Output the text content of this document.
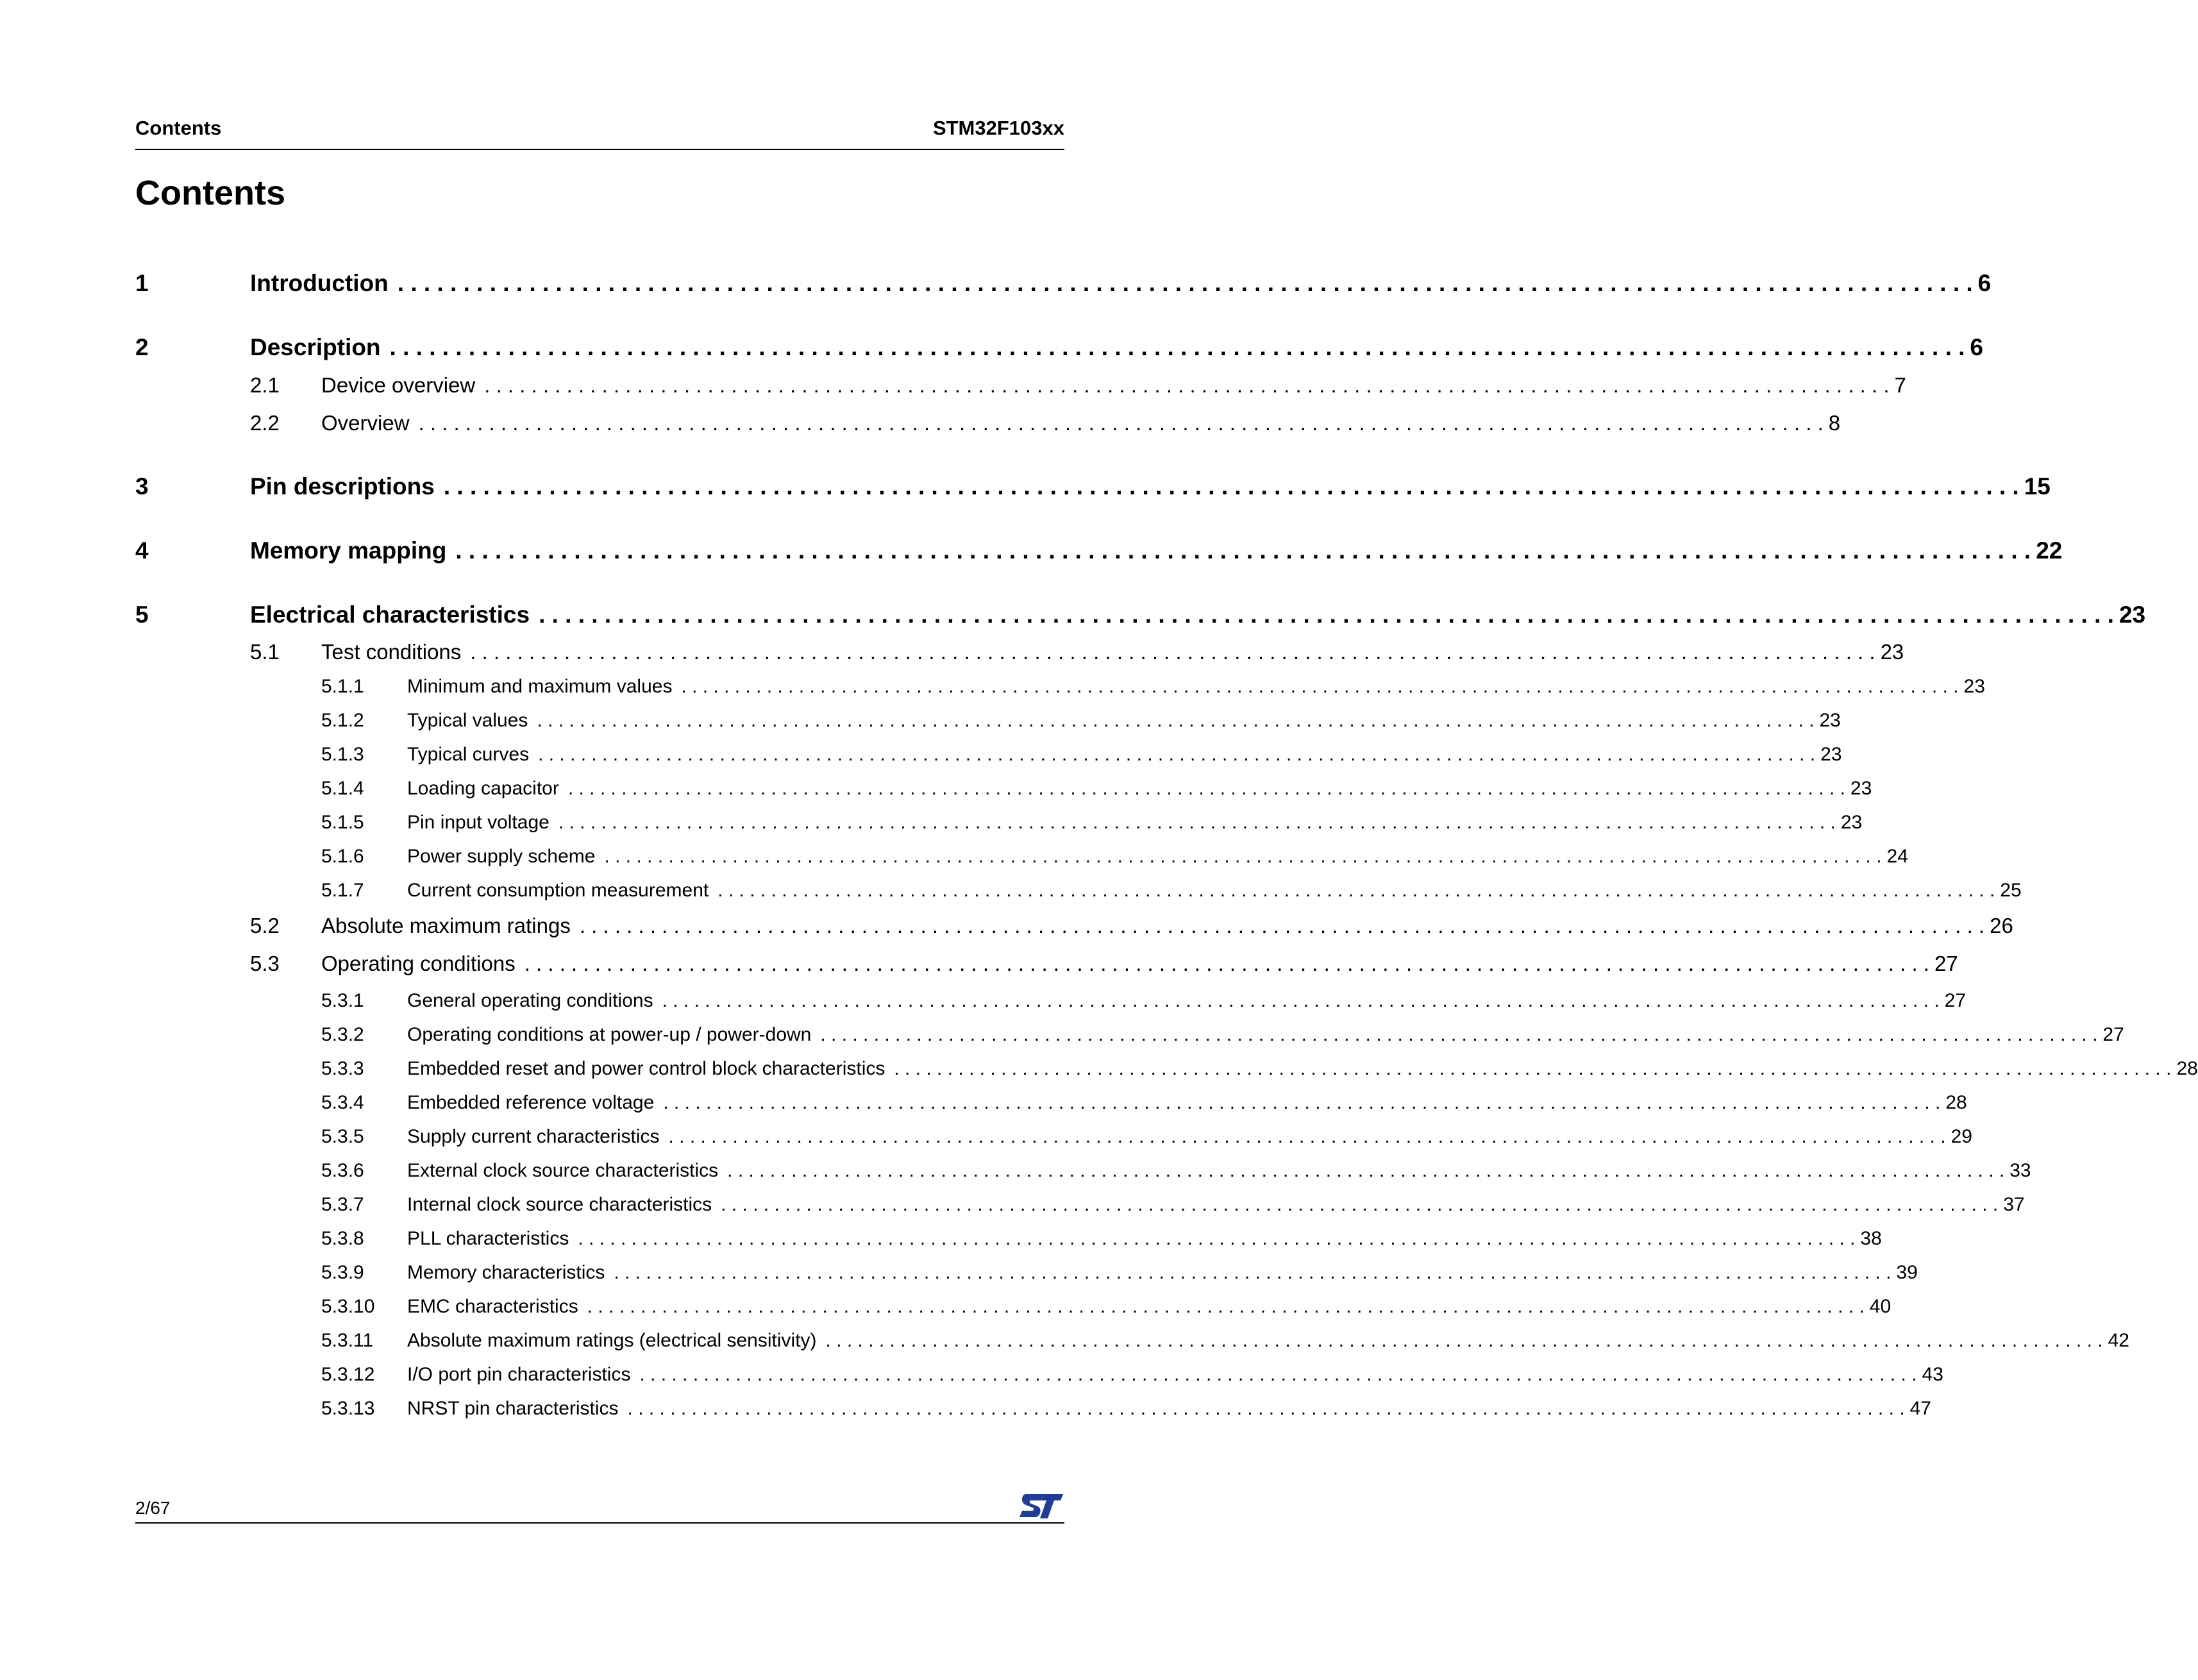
Contents	STM32F103xx
Contents
1	Introduction . . . . . . . . . . . . . . . . . . . . . . . . . . . . . . . . . . . . . . . . . . . . . . . . . . . . . . . . . . . . . . . . . . . . . . . . . . . . . . . . . . . . . . . . . . . . . . . . . . . . . . . . . . . . . . . . . . . . . . . . 6
2	Description . . . . . . . . . . . . . . . . . . . . . . . . . . . . . . . . . . . . . . . . . . . . . . . . . . . . . . . . . . . . . . . . . . . . . . . . . . . . . . . . . . . . . . . . . . . . . . . . . . . . . . . . . . . . . . . . . . . . . . . . 6
2.1 Device overview . . . . . . . . . . . . . . . . . . . . . . . . . . . . . . . . . . . . . . . . . . . . . . . . . . . . . . . . . . . . . . . . . . . . . . . . . . . . . . . . . . . . . . . . . . . . . . . . . . . . . . . . . . . . . . . . . . . . . . . . 7
2.2 Overview . . . . . . . . . . . . . . . . . . . . . . . . . . . . . . . . . . . . . . . . . . . . . . . . . . . . . . . . . . . . . . . . . . . . . . . . . . . . . . . . . . . . . . . . . . . . . . . . . . . . . . . . . . . . . . . . . . . . . . . . 8
3	Pin descriptions . . . . . . . . . . . . . . . . . . . . . . . . . . . . . . . . . . . . . . . . . . . . . . . . . . . . . . . . . . . . . . . . . . . . . . . . . . . . . . . . . . . . . . . . . . . . . . . . . . . . . . . . . . . . . . . . . . . . . . . . 15
4	Memory mapping . . . . . . . . . . . . . . . . . . . . . . . . . . . . . . . . . . . . . . . . . . . . . . . . . . . . . . . . . . . . . . . . . . . . . . . . . . . . . . . . . . . . . . . . . . . . . . . . . . . . . . . . . . . . . . . . . . . . . . . . 22
5	Electrical characteristics . . . . . . . . . . . . . . . . . . . . . . . . . . . . . . . . . . . . . . . . . . . . . . . . . . . . . . . . . . . . . . . . . . . . . . . . . . . . . . . . . . . . . . . . . . . . . . . . . . . . . . . . . . . . . . . . . . . . . . . . 23
5.1 Test conditions . . . . . . . . . . . . . . . . . . . . . . . . . . . . . . . . . . . . . . . . . . . . . . . . . . . . . . . . . . . . . . . . . . . . . . . . . . . . . . . . . . . . . . . . . . . . . . . . . . . . . . . . . . . . . . . . . . . . . . . . 23
5.1.1 Minimum and maximum values . . . . . . . . . . . . . . . . . . . . . . . . . . . . . . . . . . . . . . . . . . . . . . . . . . . . . . . . . . . . . . . . . . . . . . . . . . . . . . . . . . . . . . . . . . . . . . . . . . . . . . . . . . . . . . . . . . . . . . . . 23
5.1.2 Typical values . . . . . . . . . . . . . . . . . . . . . . . . . . . . . . . . . . . . . . . . . . . . . . . . . . . . . . . . . . . . . . . . . . . . . . . . . . . . . . . . . . . . . . . . . . . . . . . . . . . . . . . . . . . . . . . . . . . . . . . . 23
5.1.3 Typical curves . . . . . . . . . . . . . . . . . . . . . . . . . . . . . . . . . . . . . . . . . . . . . . . . . . . . . . . . . . . . . . . . . . . . . . . . . . . . . . . . . . . . . . . . . . . . . . . . . . . . . . . . . . . . . . . . . . . . . . . . 23
5.1.4 Loading capacitor . . . . . . . . . . . . . . . . . . . . . . . . . . . . . . . . . . . . . . . . . . . . . . . . . . . . . . . . . . . . . . . . . . . . . . . . . . . . . . . . . . . . . . . . . . . . . . . . . . . . . . . . . . . . . . . . . . . . . . . . 23
5.1.5 Pin input voltage . . . . . . . . . . . . . . . . . . . . . . . . . . . . . . . . . . . . . . . . . . . . . . . . . . . . . . . . . . . . . . . . . . . . . . . . . . . . . . . . . . . . . . . . . . . . . . . . . . . . . . . . . . . . . . . . . . . . . . . . 23
5.1.6 Power supply scheme . . . . . . . . . . . . . . . . . . . . . . . . . . . . . . . . . . . . . . . . . . . . . . . . . . . . . . . . . . . . . . . . . . . . . . . . . . . . . . . . . . . . . . . . . . . . . . . . . . . . . . . . . . . . . . . . . . . . . . . . 24
5.1.7 Current consumption measurement . . . . . . . . . . . . . . . . . . . . . . . . . . . . . . . . . . . . . . . . . . . . . . . . . . . . . . . . . . . . . . . . . . . . . . . . . . . . . . . . . . . . . . . . . . . . . . . . . . . . . . . . . . . . . . . . . . . . . . . . 25
5.2 Absolute maximum ratings . . . . . . . . . . . . . . . . . . . . . . . . . . . . . . . . . . . . . . . . . . . . . . . . . . . . . . . . . . . . . . . . . . . . . . . . . . . . . . . . . . . . . . . . . . . . . . . . . . . . . . . . . . . . . . . . . . . . . . . . 26
5.3 Operating conditions . . . . . . . . . . . . . . . . . . . . . . . . . . . . . . . . . . . . . . . . . . . . . . . . . . . . . . . . . . . . . . . . . . . . . . . . . . . . . . . . . . . . . . . . . . . . . . . . . . . . . . . . . . . . . . . . . . . . . . . . 27
5.3.1 General operating conditions . . . . . . . . . . . . . . . . . . . . . . . . . . . . . . . . . . . . . . . . . . . . . . . . . . . . . . . . . . . . . . . . . . . . . . . . . . . . . . . . . . . . . . . . . . . . . . . . . . . . . . . . . . . . . . . . . . . . . . . . 27
5.3.2 Operating conditions at power-up / power-down . . . . . . . . . . . . . . . . . . . . . . . . . . . . . . . . . . . . . . . . . . . . . . . . . . . . . . . . . . . . . . . . . . . . . . . . . . . . . . . . . . . . . . . . . . . . . . . . . . . . . . . . . . . . . . . . . . . . . . . . 27
5.3.3 Embedded reset and power control block characteristics . . . . . . . . . . . . . . . . . . . . . . . . . . . . . . . . . . . . . . . . . . . . . . . . . . . . . . . . . . . . . . . . . . . . . . . . . . . . . . . . . . . . . . . . . . . . . . . . . . . . . . . . . . . . . . . . . . . . . . . . 28
5.3.4 Embedded reference voltage . . . . . . . . . . . . . . . . . . . . . . . . . . . . . . . . . . . . . . . . . . . . . . . . . . . . . . . . . . . . . . . . . . . . . . . . . . . . . . . . . . . . . . . . . . . . . . . . . . . . . . . . . . . . . . . . . . . . . . . . 28
5.3.5 Supply current characteristics . . . . . . . . . . . . . . . . . . . . . . . . . . . . . . . . . . . . . . . . . . . . . . . . . . . . . . . . . . . . . . . . . . . . . . . . . . . . . . . . . . . . . . . . . . . . . . . . . . . . . . . . . . . . . . . . . . . . . . . . 29
5.3.6 External clock source characteristics . . . . . . . . . . . . . . . . . . . . . . . . . . . . . . . . . . . . . . . . . . . . . . . . . . . . . . . . . . . . . . . . . . . . . . . . . . . . . . . . . . . . . . . . . . . . . . . . . . . . . . . . . . . . . . . . . . . . . . . . 33
5.3.7 Internal clock source characteristics . . . . . . . . . . . . . . . . . . . . . . . . . . . . . . . . . . . . . . . . . . . . . . . . . . . . . . . . . . . . . . . . . . . . . . . . . . . . . . . . . . . . . . . . . . . . . . . . . . . . . . . . . . . . . . . . . . . . . . . . 37
5.3.8 PLL characteristics . . . . . . . . . . . . . . . . . . . . . . . . . . . . . . . . . . . . . . . . . . . . . . . . . . . . . . . . . . . . . . . . . . . . . . . . . . . . . . . . . . . . . . . . . . . . . . . . . . . . . . . . . . . . . . . . . . . . . . . . 38
5.3.9 Memory characteristics . . . . . . . . . . . . . . . . . . . . . . . . . . . . . . . . . . . . . . . . . . . . . . . . . . . . . . . . . . . . . . . . . . . . . . . . . . . . . . . . . . . . . . . . . . . . . . . . . . . . . . . . . . . . . . . . . . . . . . . . 39
5.3.10 EMC characteristics . . . . . . . . . . . . . . . . . . . . . . . . . . . . . . . . . . . . . . . . . . . . . . . . . . . . . . . . . . . . . . . . . . . . . . . . . . . . . . . . . . . . . . . . . . . . . . . . . . . . . . . . . . . . . . . . . . . . . . . . 40
5.3.11 Absolute maximum ratings (electrical sensitivity) . . . . . . . . . . . . . . . . . . . . . . . . . . . . . . . . . . . . . . . . . . . . . . . . . . . . . . . . . . . . . . . . . . . . . . . . . . . . . . . . . . . . . . . . . . . . . . . . . . . . . . . . . . . . . . . . . . . . . . . . 42
5.3.12 I/O port pin characteristics . . . . . . . . . . . . . . . . . . . . . . . . . . . . . . . . . . . . . . . . . . . . . . . . . . . . . . . . . . . . . . . . . . . . . . . . . . . . . . . . . . . . . . . . . . . . . . . . . . . . . . . . . . . . . . . . . . . . . . . . 43
5.3.13 NRST pin characteristics . . . . . . . . . . . . . . . . . . . . . . . . . . . . . . . . . . . . . . . . . . . . . . . . . . . . . . . . . . . . . . . . . . . . . . . . . . . . . . . . . . . . . . . . . . . . . . . . . . . . . . . . . . . . . . . . . . . . . . . . 47
2/67
